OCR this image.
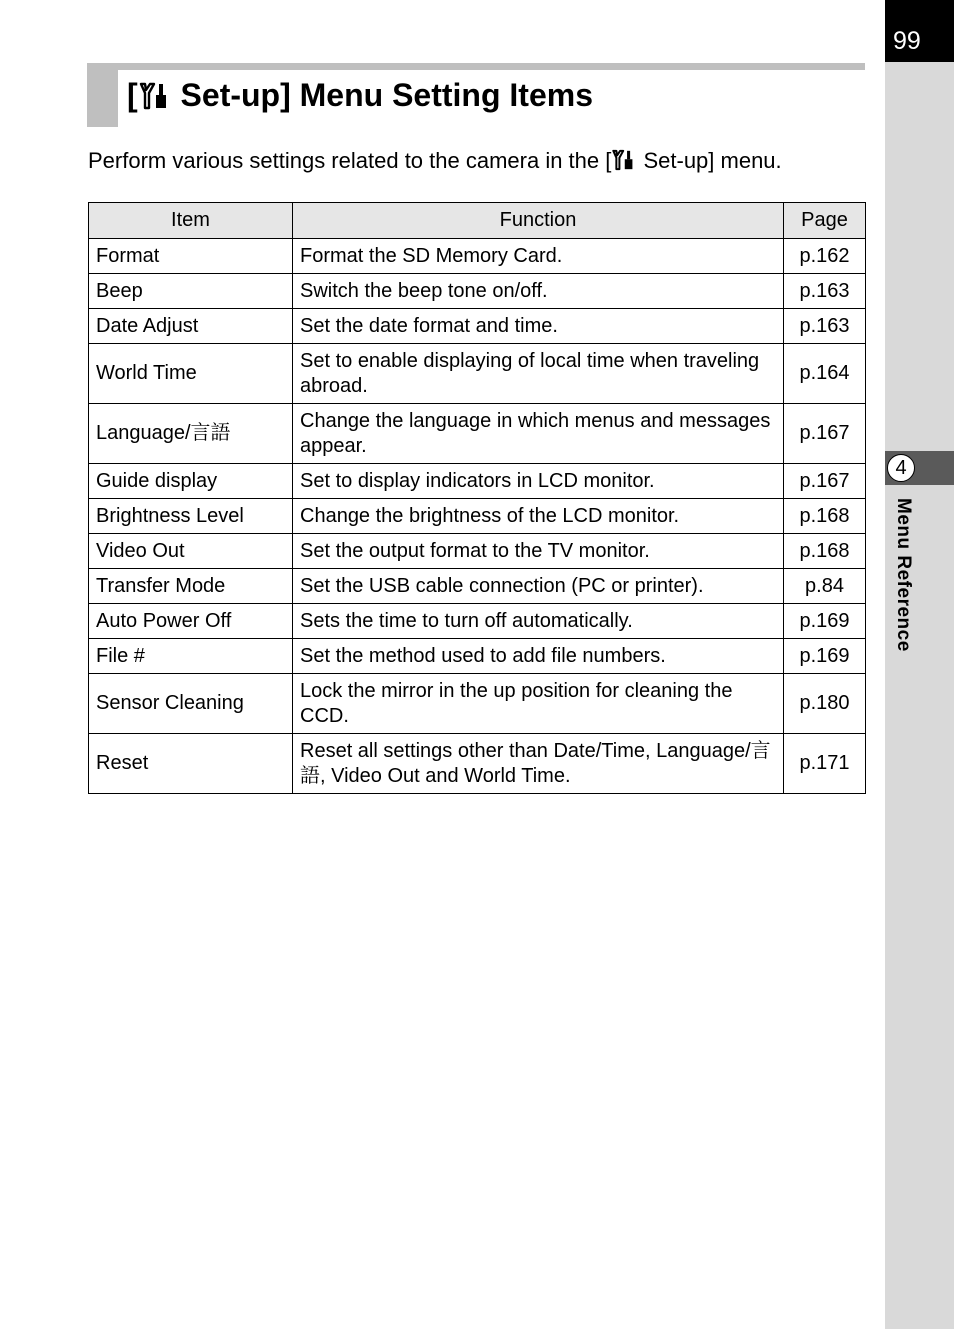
99
4
Menu Reference
[ Set-up] Menu Setting Items

Perform various settings related to the camera in the [ Set-up] menu.

Item	Function	Page
Format	Format the SD Memory Card.	p.162
Beep	Switch the beep tone on/off.	p.163
Date Adjust	Set the date format and time.	p.163
World Time	Set to enable displaying of local time when traveling abroad.	p.164
Language/言語	Change the language in which menus and messages appear.	p.167
Guide display	Set to display indicators in LCD monitor.	p.167
Brightness Level	Change the brightness of the LCD monitor.	p.168
Video Out	Set the output format to the TV monitor.	p.168
Transfer Mode	Set the USB cable connection (PC or printer).	p.84
Auto Power Off	Sets the time to turn off automatically.	p.169
File #	Set the method used to add file numbers.	p.169
Sensor Cleaning	Lock the mirror in the up position for cleaning the CCD.	p.180
Reset	Reset all settings other than Date/Time, Language/言語, Video Out and World Time.	p.171
